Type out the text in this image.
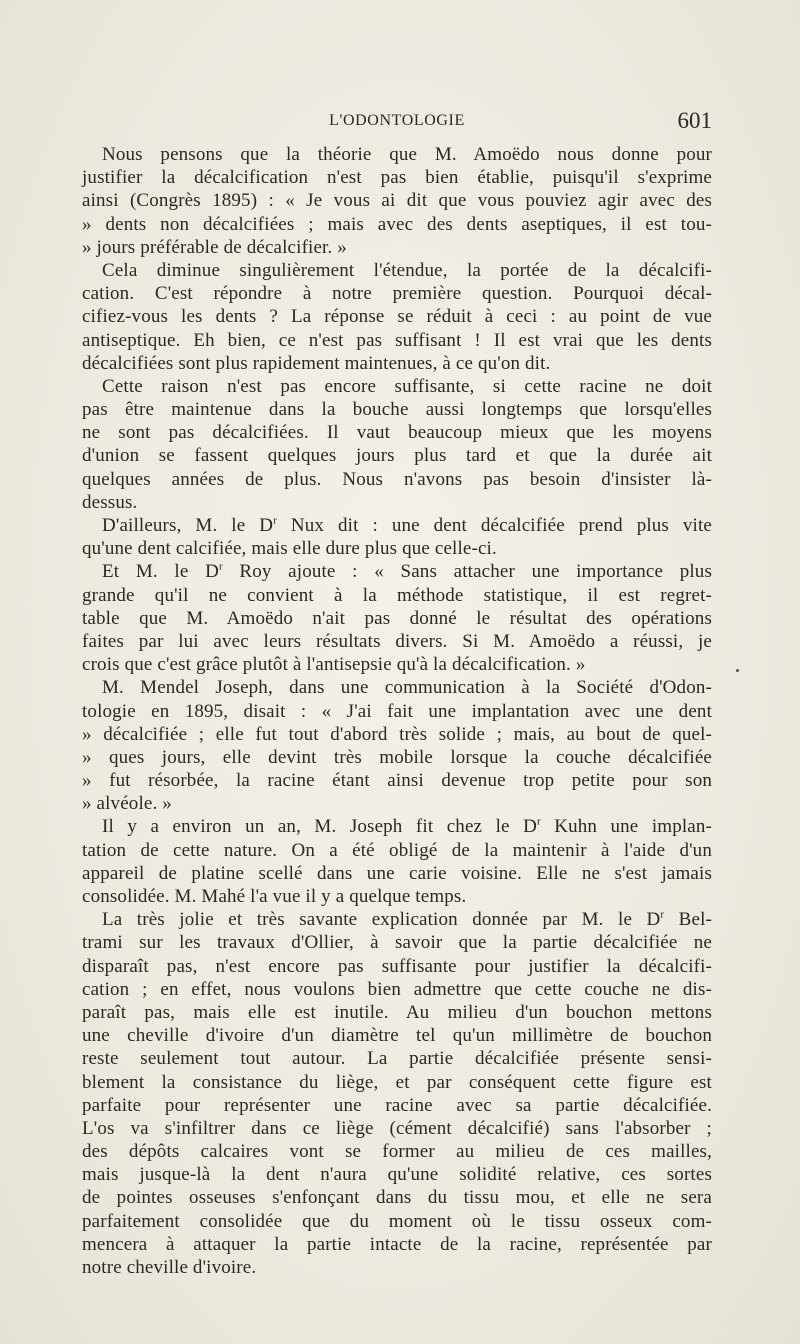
L'ODONTOLOGIE	601
Nous pensons que la théorie que M. Amoëdo nous donne pour
justifier la décalcification n'est pas bien établie, puisqu'il s'exprime
ainsi (Congrès 1895) : « Je vous ai dit que vous pouviez agir avec des
» dents non décalcifiées ; mais avec des dents aseptiques, il est tou-
» jours préférable de décalcifier. »
Cela diminue singulièrement l'étendue, la portée de la décalcifi-
cation. C'est répondre à notre première question. Pourquoi décal-
cifiez-vous les dents ? La réponse se réduit à ceci : au point de vue
antiseptique. Eh bien, ce n'est pas suffisant ! Il est vrai que les dents
décalcifiées sont plus rapidement maintenues, à ce qu'on dit.
Cette raison n'est pas encore suffisante, si cette racine ne doit
pas être maintenue dans la bouche aussi longtemps que lorsqu'elles
ne sont pas décalcifiées. Il vaut beaucoup mieux que les moyens
d'union se fassent quelques jours plus tard et que la durée ait
quelques années de plus. Nous n'avons pas besoin d'insister là-
dessus.
D'ailleurs, M. le $D^r$ Nux dit : une dent décalcifiée prend plus vite
qu'une dent calcifiée, mais elle dure plus que celle-ci.
Et M. le $D^r$ Roy ajoute : « Sans attacher une importance plus
grande qu'il ne convient à la méthode statistique, il est regret-
table que M. Amoëdo n'ait pas donné le résultat des opérations
faites par lui avec leurs résultats divers. Si M. Amoëdo a réussi, je
crois que c'est grâce plutôt à l'antisepsie qu'à la décalcification. »
M. Mendel Joseph, dans une communication à la Société d'Odon-
tologie en 1895, disait : « J'ai fait une implantation avec une dent
» décalcifiée ; elle fut tout d'abord très solide ; mais, au bout de quel-
» ques jours, elle devint très mobile lorsque la couche décalcifiée
» fut résorbée, la racine étant ainsi devenue trop petite pour son
» alvéole. »
Il y a environ un an, M. Joseph fit chez le $D^r$ Kuhn une implan-
tation de cette nature. On a été obligé de la maintenir à l'aide d'un
appareil de platine scellé dans une carie voisine. Elle ne s'est jamais
consolidée. M. Mahé l'a vue il y a quelque temps.
La très jolie et très savante explication donnée par M. le $D^r$ Bel-
trami sur les travaux d'Ollier, à savoir que la partie décalcifiée ne
disparaît pas, n'est encore pas suffisante pour justifier la décalcifi-
cation ; en effet, nous voulons bien admettre que cette couche ne dis-
paraît pas, mais elle est inutile. Au milieu d'un bouchon mettons
une cheville d'ivoire d'un diamètre tel qu'un millimètre de bouchon
reste seulement tout autour. La partie décalcifiée présente sensi-
blement la consistance du liège, et par conséquent cette figure est
parfaite pour représenter une racine avec sa partie décalcifiée.
L'os va s'infiltrer dans ce liège (cément décalcifié) sans l'absorber ;
des dépôts calcaires vont se former au milieu de ces mailles,
mais jusque-là la dent n'aura qu'une solidité relative, ces sortes
de pointes osseuses s'enfonçant dans du tissu mou, et elle ne sera
parfaitement consolidée que du moment où le tissu osseux com-
mencera à attaquer la partie intacte de la racine, représentée par
notre cheville d'ivoire.
